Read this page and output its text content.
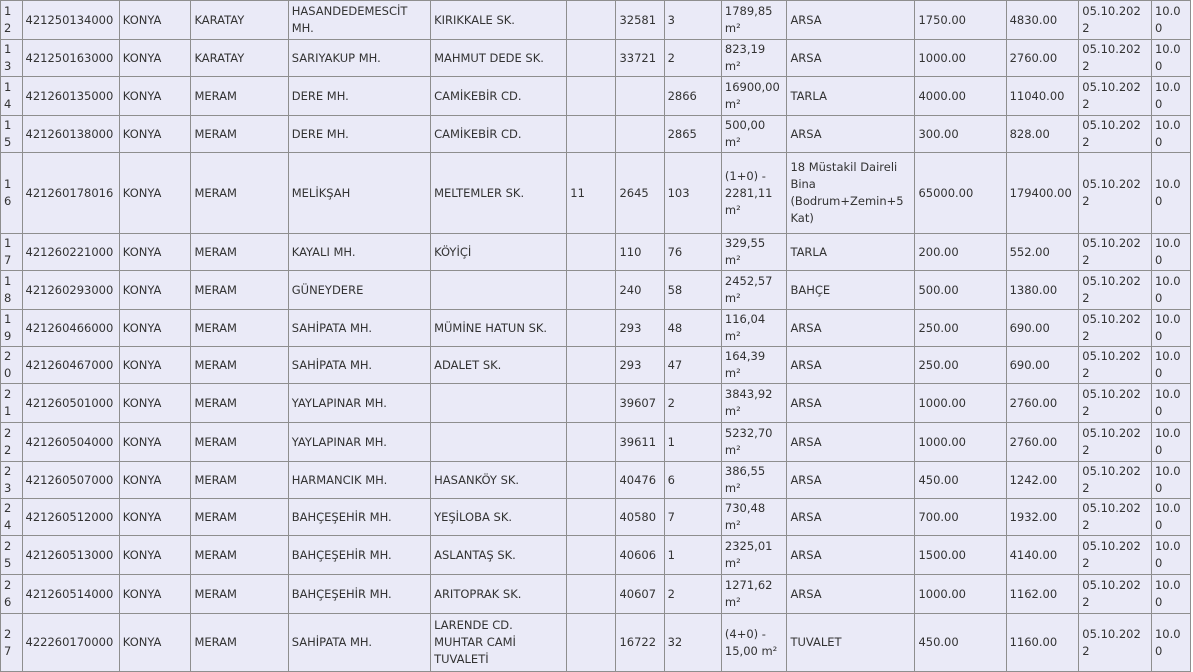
12	421250134000	KONYA	KARATAY	HASANDEDEMESCİT MH.	KIRIKKALE SK.		32581	3	1789,85 m²	ARSA	1750.00	4830.00	05.10.2022	10.00
13	421250163000	KONYA	KARATAY	SARIYAKUP MH.	MAHMUT DEDE SK.		33721	2	823,19 m²	ARSA	1000.00	2760.00	05.10.2022	10.00
14	421260135000	KONYA	MERAM	DERE MH.	CAMİKEBİR CD.			2866	16900,00 m²	TARLA	4000.00	11040.00	05.10.2022	10.00
15	421260138000	KONYA	MERAM	DERE MH.	CAMİKEBİR CD.			2865	500,00 m²	ARSA	300.00	828.00	05.10.2022	10.00
16	421260178016	KONYA	MERAM	MELİKŞAH	MELTEMLER SK.	11	2645	103	(1+0) - 2281,11 m²	18 Müstakil Daireli Bina (Bodrum+Zemin+5 Kat)	65000.00	179400.00	05.10.2022	10.00
17	421260221000	KONYA	MERAM	KAYALI MH.	KÖYİÇİ		110	76	329,55 m²	TARLA	200.00	552.00	05.10.2022	10.00
18	421260293000	KONYA	MERAM	GÜNEYDERE			240	58	2452,57 m²	BAHÇE	500.00	1380.00	05.10.2022	10.00
19	421260466000	KONYA	MERAM	SAHİPATA MH.	MÜMİNE HATUN SK.		293	48	116,04 m²	ARSA	250.00	690.00	05.10.2022	10.00
20	421260467000	KONYA	MERAM	SAHİPATA MH.	ADALET SK.		293	47	164,39 m²	ARSA	250.00	690.00	05.10.2022	10.00
21	421260501000	KONYA	MERAM	YAYLAPINAR MH.			39607	2	3843,92 m²	ARSA	1000.00	2760.00	05.10.2022	10.00
22	421260504000	KONYA	MERAM	YAYLAPINAR MH.			39611	1	5232,70 m²	ARSA	1000.00	2760.00	05.10.2022	10.00
23	421260507000	KONYA	MERAM	HARMANCIK MH.	HASANKÖY SK.		40476	6	386,55 m²	ARSA	450.00	1242.00	05.10.2022	10.00
24	421260512000	KONYA	MERAM	BAHÇEŞEHİR MH.	YEŞİLOBA SK.		40580	7	730,48 m²	ARSA	700.00	1932.00	05.10.2022	10.00
25	421260513000	KONYA	MERAM	BAHÇEŞEHİR MH.	ASLANTAŞ SK.		40606	1	2325,01 m²	ARSA	1500.00	4140.00	05.10.2022	10.00
26	421260514000	KONYA	MERAM	BAHÇEŞEHİR MH.	ARITOPRAK SK.		40607	2	1271,62 m²	ARSA	1000.00	1162.00	05.10.2022	10.00
27	422260170000	KONYA	MERAM	SAHİPATA MH.	LARENDE CD. MUHTAR CAMİ TUVALETİ		16722	32	(4+0) - 15,00 m²	TUVALET	450.00	1160.00	05.10.2022	10.00
